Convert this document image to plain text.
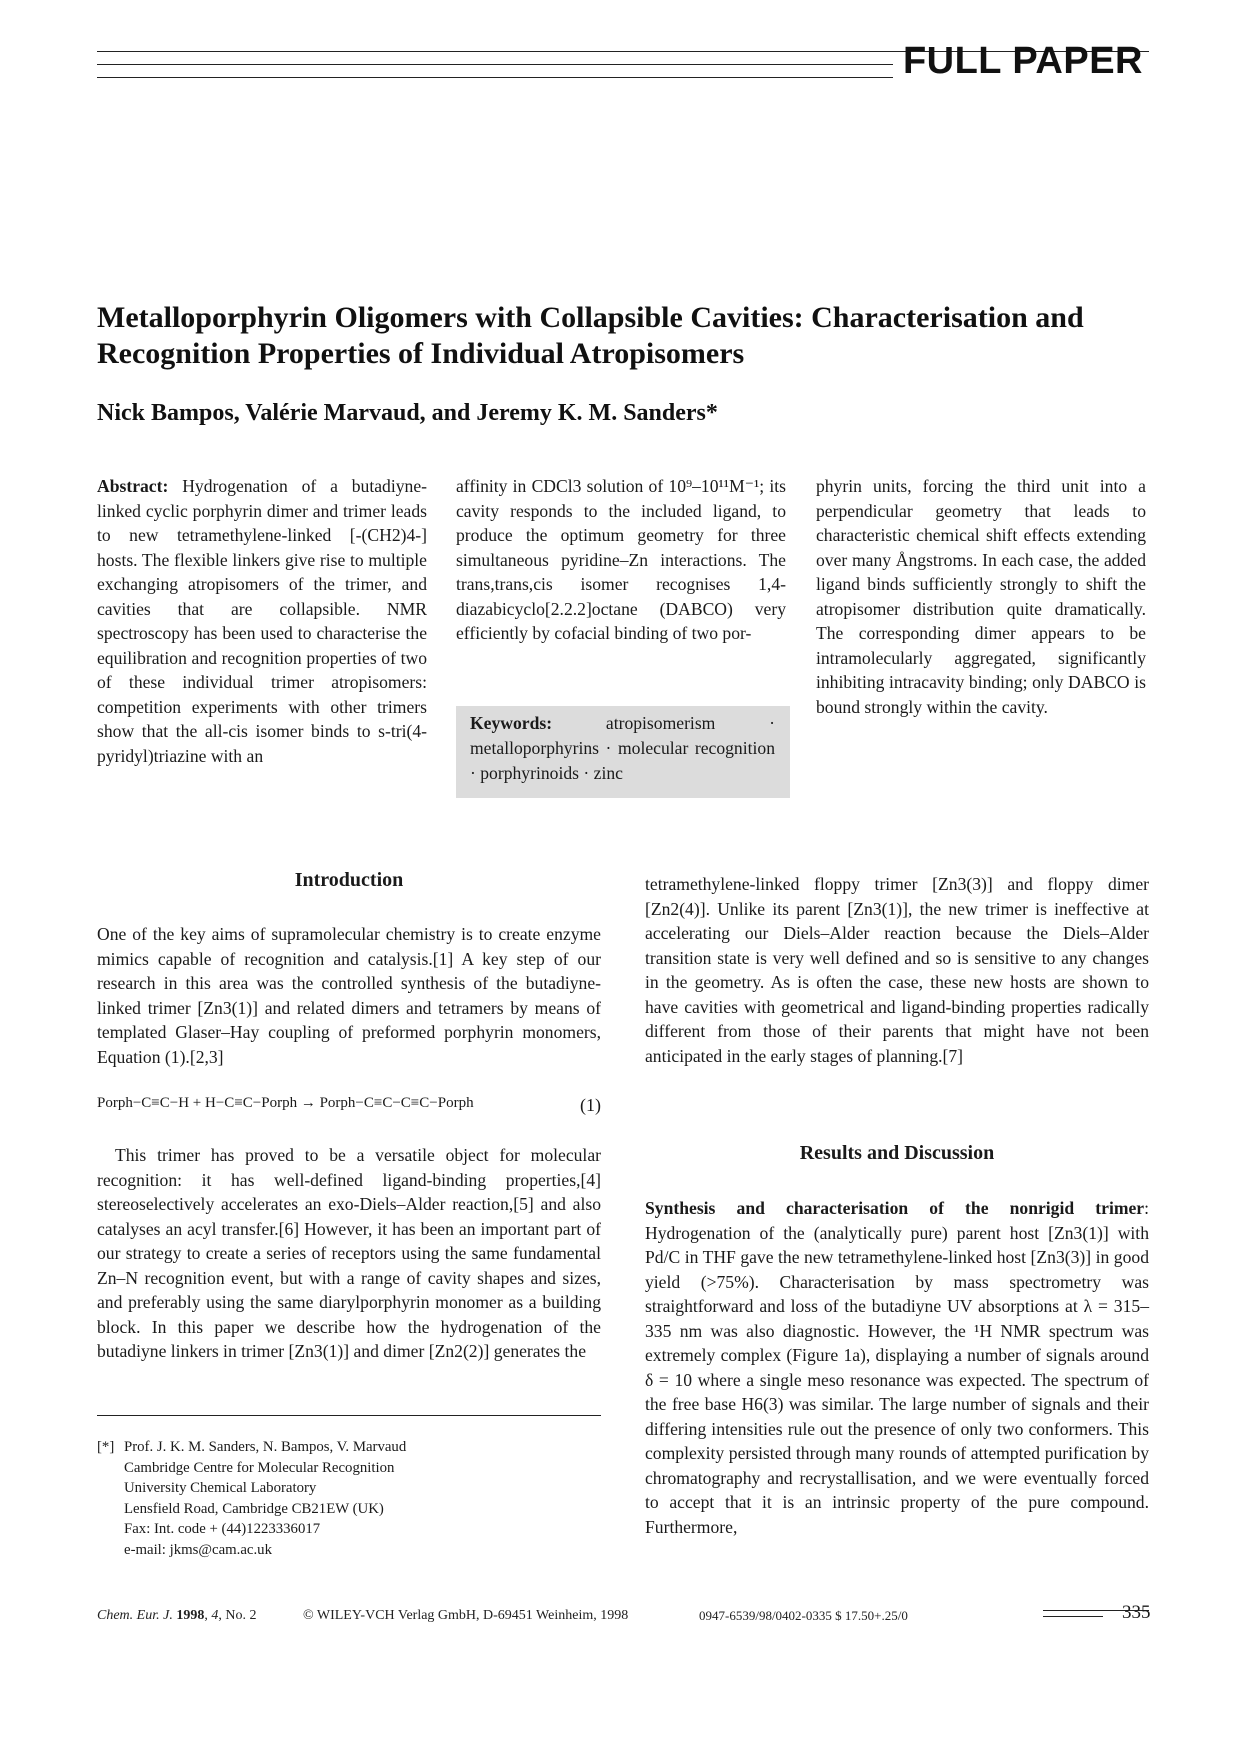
FULL PAPER
Metalloporphyrin Oligomers with Collapsible Cavities: Characterisation and
Recognition Properties of Individual Atropisomers
Nick Bampos, Valérie Marvaud, and Jeremy K. M. Sanders*

Abstract: Hydrogenation of a butadiyne-linked cyclic porphyrin dimer and trimer leads to new tetramethylene-linked [-(CH2)4-] hosts. The flexible linkers give rise to multiple exchanging atropisomers of the trimer, and cavities that are collapsible. NMR spectroscopy has been used to characterise the equilibration and recognition properties of two of these individual trimer atropisomers: competition experiments with other trimers show that the all-cis isomer binds to s-tri(4-pyridyl)triazine with an

affinity in CDCl3 solution of 10⁹–10¹¹M⁻¹; its cavity responds to the included ligand, to produce the optimum geometry for three simultaneous pyridine–Zn interactions. The trans,trans,cis isomer recognises 1,4-diazabicyclo[2.2.2]octane (DABCO) very efficiently by cofacial binding of two por-

phyrin units, forcing the third unit into a perpendicular geometry that leads to characteristic chemical shift effects extending over many Ångstroms. In each case, the added ligand binds sufficiently strongly to shift the atropisomer distribution quite dramatically. The corresponding dimer appears to be intramolecularly aggregated, significantly inhibiting intracavity binding; only DABCO is bound strongly within the cavity.

Keywords:	atropisomerism · metalloporphyrins · molecular recognition · porphyrinoids · zinc
Introduction

One of the key aims of supramolecular chemistry is to create enzyme mimics capable of recognition and catalysis.[1] A key step of our research in this area was the controlled synthesis of the butadiyne-linked trimer [Zn3(1)] and related dimers and tetramers by means of templated Glaser–Hay coupling of preformed porphyrin monomers, Equation (1).[2,3]

Porph−C≡C−H + H−C≡C−Porph → Porph−C≡C−C≡C−Porph	(1)

This trimer has proved to be a versatile object for molecular recognition: it has well-defined ligand-binding properties,[4] stereoselectively accelerates an exo-Diels–Alder reaction,[5] and also catalyses an acyl transfer.[6] However, it has been an important part of our strategy to create a series of receptors using the same fundamental Zn–N recognition event, but with a range of cavity shapes and sizes, and preferably using the same diarylporphyrin monomer as a building block. In this paper we describe how the hydrogenation of the butadiyne linkers in trimer [Zn3(1)] and dimer [Zn2(2)] generates the

tetramethylene-linked floppy trimer [Zn3(3)] and floppy dimer [Zn2(4)]. Unlike its parent [Zn3(1)], the new trimer is ineffective at accelerating our Diels–Alder reaction because the Diels–Alder transition state is very well defined and so is sensitive to any changes in the geometry. As is often the case, these new hosts are shown to have cavities with geometrical and ligand-binding properties radically different from those of their parents that might have not been anticipated in the early stages of planning.[7]

Results and Discussion

Synthesis and characterisation of the nonrigid trimer: Hydrogenation of the (analytically pure) parent host [Zn3(1)] with Pd/C in THF gave the new tetramethylene-linked host [Zn3(3)] in good yield (>75%). Characterisation by mass spectrometry was straightforward and loss of the butadiyne UV absorptions at λ = 315–335 nm was also diagnostic. However, the ¹H NMR spectrum was extremely complex (Figure 1a), displaying a number of signals around δ = 10 where a single meso resonance was expected. The spectrum of the free base H6(3) was similar. The large number of signals and their differing intensities rule out the presence of only two conformers. This complexity persisted through many rounds of attempted purification by chromatography and recrystallisation, and we were eventually forced to accept that it is an intrinsic property of the pure compound. Furthermore,

[*] Prof. J. K. M. Sanders, N. Bampos, V. Marvaud
Cambridge Centre for Molecular Recognition
University Chemical Laboratory
Lensfield Road, Cambridge CB21EW (UK)
Fax: Int. code + (44)1223336017
e-mail: jkms@cam.ac.uk
Chem. Eur. J. 1998, 4, No. 2	© WILEY-VCH Verlag GmbH, D-69451 Weinheim, 1998	0947-6539/98/0402-0335 $ 17.50+.25/0	335
